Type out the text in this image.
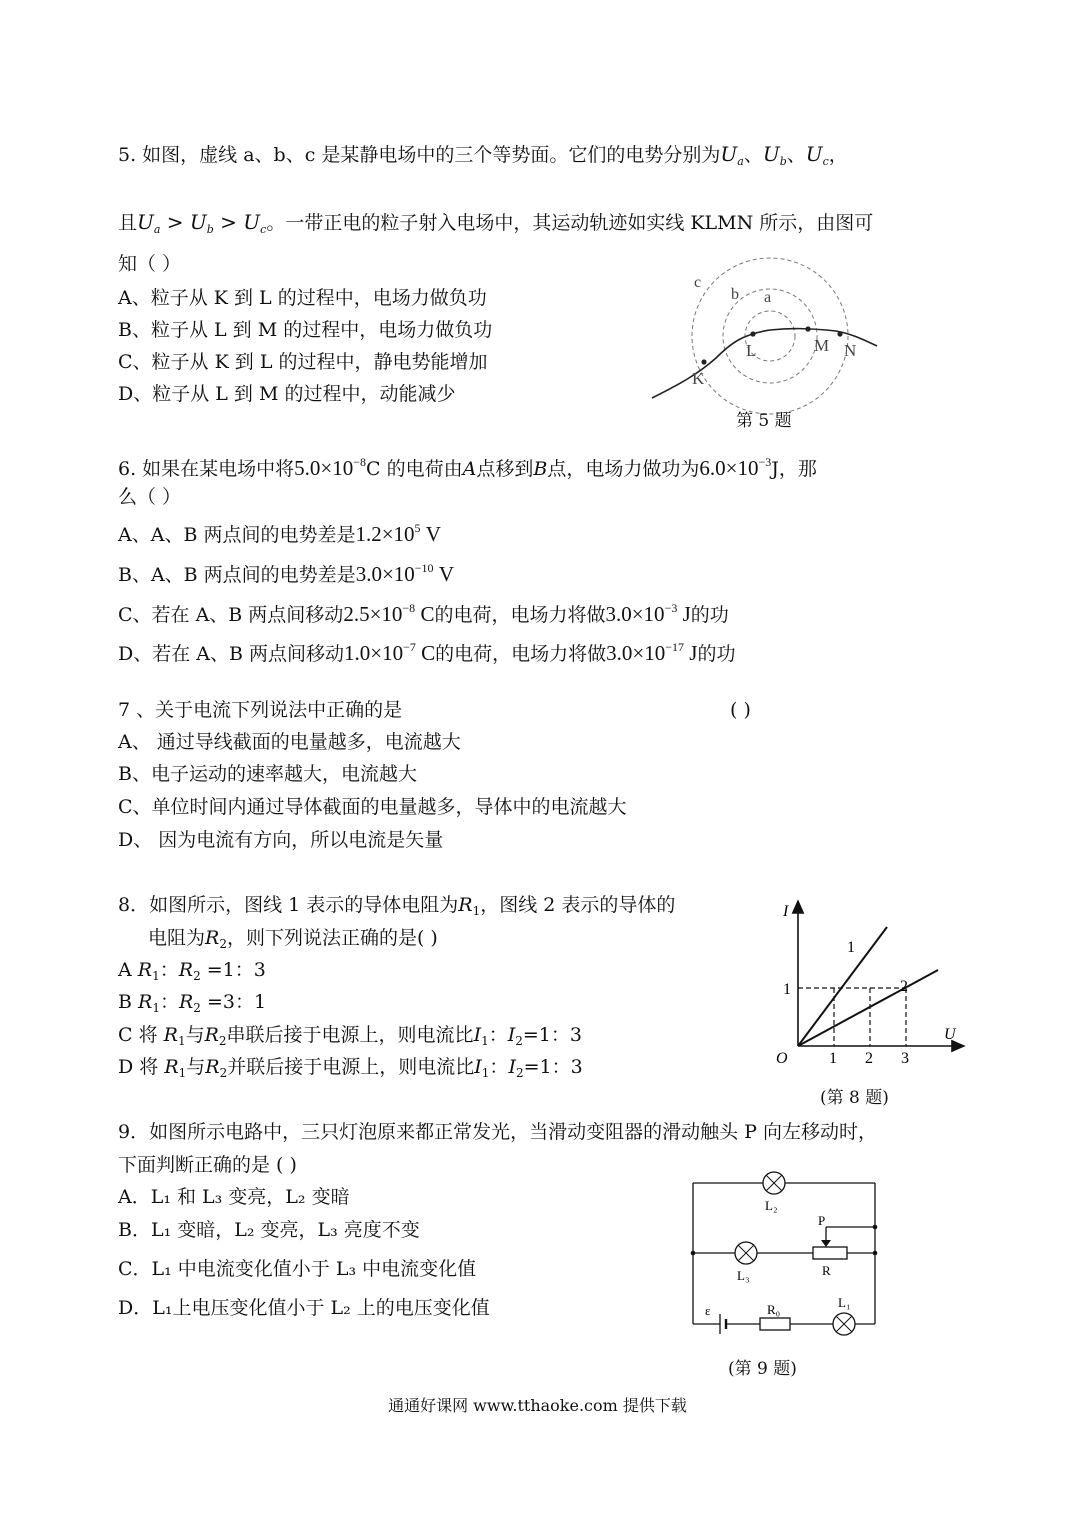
5. 如图，虚线 a、b、c 是某静电场中的三个等势面。它们的电势分别为$U_a$、$U_b$、$U_c$，
且$U_a > U_b > U_c$。一带正电的粒子射入电场中，其运动轨迹如实线 KLMN 所示，由图可
知（ ）
A、粒子从 K 到 L 的过程中，电场力做负功
B、粒子从 L 到 M 的过程中，电场力做负功
C、粒子从 K 到 L 的过程中，静电势能增加
D、粒子从 L 到 M 的过程中，动能减少
c
b a
K
L	M N
第 5 题
6. 如果在某电场中将$5.0\times 10^{-8}C$ 的电荷由A点移到B点，电场力做功为$6.0\times 10^{-3}J$，那
么（ ）
A、A、B 两点间的电势差是$1.2\times 10^5$ V
B、A、B 两点间的电势差是$3.0\times 10^{-10}$ V
C、若在 A、B 两点间移动$2.5\times 10^{-8}$ C的电荷，电场力将做$3.0\times 10^{-3}$ J的功
D、若在 A、B 两点间移动$1.0\times 10^{-7}$ C的电荷，电场力将做$3.0\times 10^{-17}$ J的功
7 、关于电流下列说法中正确的是	( )
A、 通过导线截面的电量越多，电流越大
B、电子运动的速率越大，电流越大
C、单位时间内通过导体截面的电量越多，导体中的电流越大
D、 因为电流有方向，所以电流是矢量
8．如图所示，图线 1 表示的导体电阻为$R_1$，图线 2 表示的导体的
电阻为$R_2$，则下列说法正确的是( )
A $R_1$：$R_2 =1$：3
B $R_1$：$R_2 =3$：1
C 将 $R_1$与$R_2$串联后接于电源上，则电流比$I_1$：$I_2=1$：3
D 将 $R_1$与$R_2$并联后接于电源上，则电流比$I_1$：$I_2=1$：3
I
U
O
1
2
1
1 2 3
(第 8 题)
9．如图所示电路中，三只灯泡原来都正常发光，当滑动变阻器的滑动触头 P 向左移动时，
下面判断正确的是 ( )
A．L₁ 和 L₃ 变亮，L₂ 变暗
B．L₁ 变暗，L₂ 变亮，L₃ 亮度不变
C．L₁ 中电流变化值小于 L₃ 中电流变化值
D．L₁上电压变化值小于 L₂ 上的电压变化值
L₂
L₃	R
P
ε	R₀	L₁
(第 9 题)
通通好课网 www.tthaoke.com 提供下载
